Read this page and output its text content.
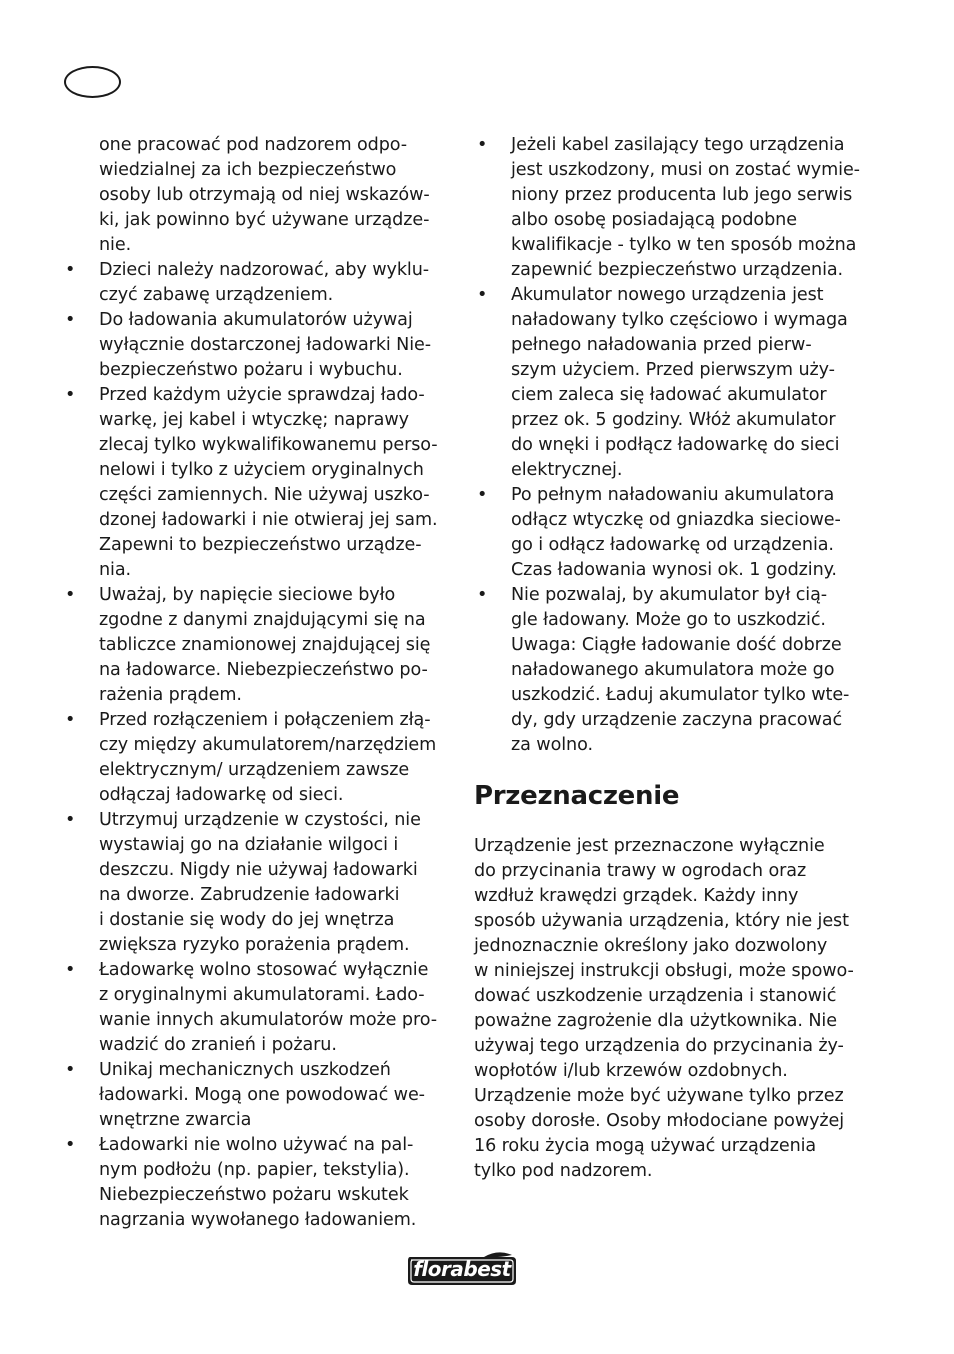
one pracować pod nadzorem odpo-
wiedzialnej za ich bezpieczeństwo
osoby lub otrzymają od niej wskazów-
ki, jak powinno być używane urządze-
nie.
• Dzieci należy nadzorować, aby wyklu-
czyć zabawę urządzeniem.
• Do ładowania akumulatorów używaj
wyłącznie dostarczonej ładowarki Nie-
bezpieczeństwo pożaru i wybuchu.
• Przed każdym użycie sprawdzaj łado-
warkę, jej kabel i wtyczkę; naprawy
zlecaj tylko wykwalifikowanemu perso-
nelowi i tylko z użyciem oryginalnych
części zamiennych. Nie używaj uszko-
dzonej ładowarki i nie otwieraj jej sam.
Zapewni to bezpieczeństwo urządze-
nia.
• Uważaj, by napięcie sieciowe było
zgodne z danymi znajdującymi się na
tabliczce znamionowej znajdującej się
na ładowarce. Niebezpieczeństwo po-
rażenia prądem.
• Przed rozłączeniem i połączeniem złą-
czy między akumulatorem/narzędziem
elektrycznym/ urządzeniem zawsze
odłączaj ładowarkę od sieci.
• Utrzymuj urządzenie w czystości, nie
wystawiaj go na działanie wilgoci i
deszczu. Nigdy nie używaj ładowarki
na dworze. Zabrudzenie ładowarki
i dostanie się wody do jej wnętrza
zwiększa ryzyko porażenia prądem.
• Ładowarkę wolno stosować wyłącznie
z oryginalnymi akumulatorami. Łado-
wanie innych akumulatorów może pro-
wadzić do zranień i pożaru.
• Unikaj mechanicznych uszkodzeń
ładowarki. Mogą one powodować we-
wnętrzne zwarcia
• Ładowarki nie wolno używać na pal-
nym podłożu (np. papier, tekstylia).
Niebezpieczeństwo pożaru wskutek
nagrzania wywołanego ładowaniem.
• Jeżeli kabel zasilający tego urządzenia
jest uszkodzony, musi on zostać wymie-
niony przez producenta lub jego serwis
albo osobę posiadającą podobne
kwalifikacje - tylko w ten sposób można
zapewnić bezpieczeństwo urządzenia.
• Akumulator nowego urządzenia jest
naładowany tylko częściowo i wymaga
pełnego naładowania przed pierw-
szym użyciem. Przed pierwszym uży-
ciem zaleca się ładować akumulator
przez ok. 5 godziny. Włóż akumulator
do wnęki i podłącz ładowarkę do sieci
elektrycznej.
• Po pełnym naładowaniu akumulatora
odłącz wtyczkę od gniazdka sieciowe-
go i odłącz ładowarkę od urządzenia.
Czas ładowania wynosi ok. 1 godziny.
• Nie pozwalaj, by akumulator był cią-
gle ładowany. Może go to uszkodzić.
Uwaga: Ciągłe ładowanie dość dobrze
naładowanego akumulatora może go
uszkodzić. Ładuj akumulator tylko wte-
dy, gdy urządzenie zaczyna pracować
za wolno.
Przeznaczenie
Urządzenie jest przeznaczone wyłącznie
do przycinania trawy w ogrodach oraz
wzdłuż krawędzi grządek. Każdy inny
sposób używania urządzenia, który nie jest
jednoznacznie określony jako dozwolony
w niniejszej instrukcji obsługi, może spowo-
dować uszkodzenie urządzenia i stanowić
poważne zagrożenie dla użytkownika. Nie
używaj tego urządzenia do przycinania ży-
wopłotów i/lub krzewów ozdobnych.
Urządzenie może być używane tylko przez
osoby dorosłe. Osoby młodociane powyżej
16 roku życia mogą używać urządzenia
tylko pod nadzorem.
florabest
